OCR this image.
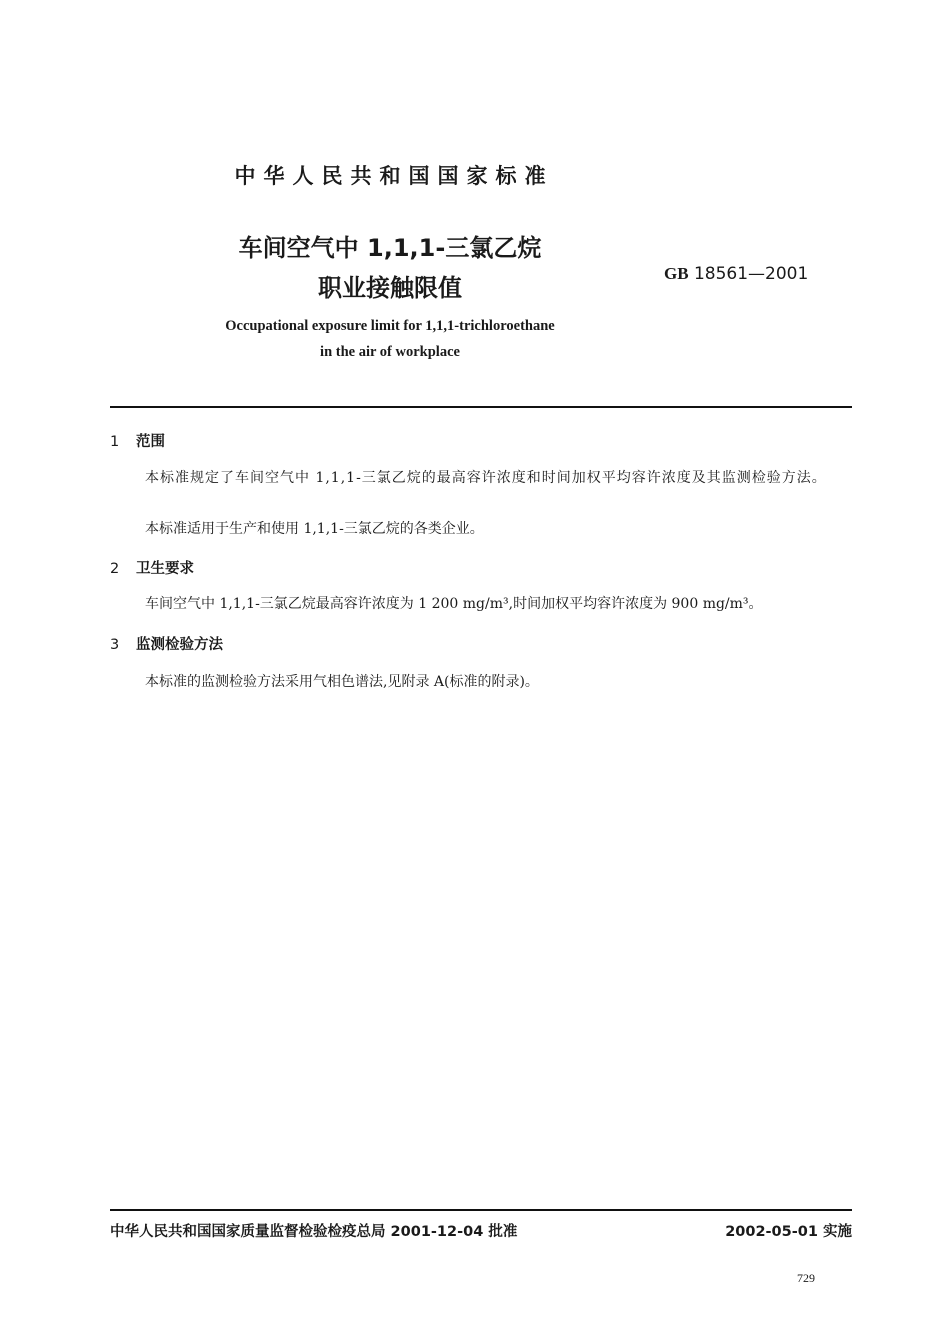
中华人民共和国国家标准
车间空气中 1,1,1-三氯乙烷
职业接触限值
GB 18561—2001
Occupational exposure limit for 1,1,1-trichloroethane
in the air of workplace
1 范围
本标准规定了车间空气中 1,1,1-三氯乙烷的最高容许浓度和时间加权平均容许浓度及其监测检验方法。
本标准适用于生产和使用 1,1,1-三氯乙烷的各类企业。
2 卫生要求
车间空气中 1,1,1-三氯乙烷最高容许浓度为 1 200 mg/m³,时间加权平均容许浓度为 900 mg/m³。
3 监测检验方法
本标准的监测检验方法采用气相色谱法,见附录 A(标准的附录)。
中华人民共和国国家质量监督检验检疫总局 2001-12-04 批准	2002-05-01 实施
729
